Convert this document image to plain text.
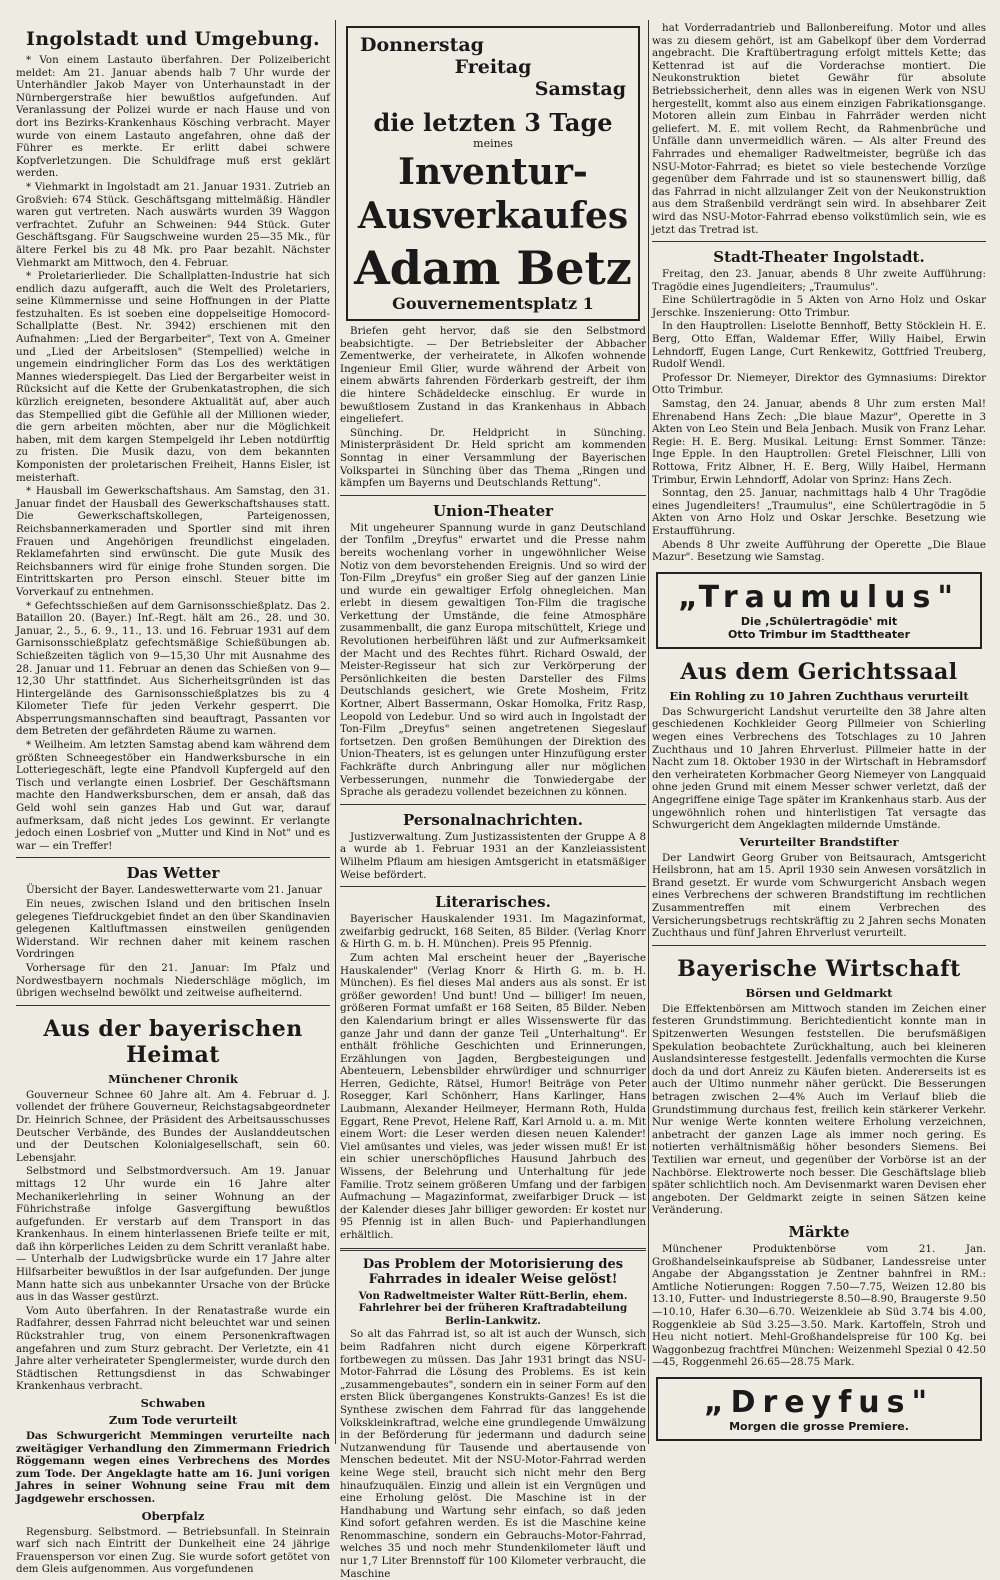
Ingolstadt und Umgebung.

* Von einem Lastauto überfahren. Der Polizeibericht meldet: Am 21. Januar abends halb 7 Uhr wurde der Unterhändler Jakob Mayer von Unterhaunstadt in der Nürnbergerstraße hier bewußtlos aufgefunden. Auf Veranlassung der Polizei wurde er nach Hause und von dort ins Bezirks-Krankenhaus Kösching verbracht. Mayer wurde von einem Lastauto angefahren, ohne daß der Führer es merkte. Er erlitt dabei schwere Kopfverletzungen. Die Schuldfrage muß erst geklärt werden.

* Viehmarkt in Ingolstadt am 21. Januar 1931. Zutrieb an Großvieh: 674 Stück. Geschäftsgang mittelmäßig. Händler waren gut vertreten. Nach auswärts wurden 39 Waggon verfrachtet. Zufuhr an Schweinen: 944 Stück. Guter Geschäftsgang. Für Saugschweine wurden 25—35 Mk., für ältere Ferkel bis zu 48 Mk. pro Paar bezahlt. Nächster Viehmarkt am Mittwoch, den 4. Februar.

* Proletarierlieder. Die Schallplatten-Industrie hat sich endlich dazu aufgerafft, auch die Welt des Proletariers, seine Kümmernisse und seine Hoffnungen in der Platte festzuhalten. Es ist soeben eine doppelseitige Homocord-Schallplatte (Best. Nr. 3942) erschienen mit den Aufnahmen: „Lied der Bergarbeiter", Text von A. Gmeiner und „Lied der Arbeitslosen" (Stempellied) welche in ungemein eindringlicher Form das Los des werktätigen Mannes wiederspiegelt. Das Lied der Bergarbeiter weist in Rücksicht auf die Kette der Grubenkatastrophen, die sich kürzlich ereigneten, besondere Aktualität auf, aber auch das Stempellied gibt die Gefühle all der Millionen wieder, die gern arbeiten möchten, aber nur die Möglichkeit haben, mit dem kargen Stempelgeld ihr Leben notdürftig zu fristen. Die Musik dazu, von dem bekannten Komponisten der proletarischen Freiheit, Hanns Eisler, ist meisterhaft.

* Hausball im Gewerkschaftshaus. Am Samstag, den 31. Januar findet der Hausball des Gewerkschaftshauses statt. Die Gewerkschaftskollegen, Parteigenossen, Reichsbannerkameraden und Sportler sind mit ihren Frauen und Angehörigen freundlichst eingeladen. Reklamefahrten sind erwünscht. Die gute Musik des Reichsbanners wird für einige frohe Stunden sorgen. Die Eintrittskarten pro Person einschl. Steuer bitte im Vorverkauf zu entnehmen.

* Gefechtsschießen auf dem Garnisonsschießplatz. Das 2. Bataillon 20. (Bayer.) Inf.-Regt. hält am 26., 28. und 30. Januar, 2., 5., 6. 9., 11., 13. und 16. Februar 1931 auf dem Garnisonsschießplatz gefechtsmäßige Schießübungen ab. Schießzeiten täglich von 9—15,30 Uhr mit Ausnahme des 28. Januar und 11. Februar an denen das Schießen von 9—12,30 Uhr stattfindet. Aus Sicherheitsgründen ist das Hintergelände des Garnisonsschießplatzes bis zu 4 Kilometer Tiefe für jeden Verkehr gesperrt. Die Absperrungsmannschaften sind beauftragt, Passanten vor dem Betreten der gefährdeten Räume zu warnen.

* Weilheim. Am letzten Samstag abend kam während dem größten Schneegestöber ein Handwerksbursche in ein Lotteriegeschäft, legte eine Pfandvoll Kupfergeld auf den Tisch und verlangte einen Losbrief. Der Geschäftsmann machte den Handwerksburschen, dem er ansah, daß das Geld wohl sein ganzes Hab und Gut war, darauf aufmerksam, daß nicht jedes Los gewinnt. Er verlangte jedoch einen Losbrief von „Mutter und Kind in Not" und es war — ein Treffer!

Das Wetter

Übersicht der Bayer. Landeswetterwarte vom 21. Januar

Ein neues, zwischen Island und den britischen Inseln gelegenes Tiefdruckgebiet findet an den über Skandinavien gelegenen Kaltluftmassen einstweilen genügenden Widerstand. Wir rechnen daher mit keinem raschen Vordringen

Vorhersage für den 21. Januar: Im Pfalz und Nordwestbayern nochmals Niederschläge möglich, im übrigen wechselnd bewölkt und zeitweise aufheiternd.

Aus der bayerischen Heimat
Münchener Chronik

Gouverneur Schnee 60 Jahre alt. Am 4. Februar d. J. vollendet der frühere Gouverneur, Reichstagsabgeordneter Dr. Heinrich Schnee, der Präsident des Arbeitsausschusses Deutscher Verbände, des Bundes der Auslanddeutschen und der Deutschen Kolonialgesellschaft, sein 60. Lebensjahr.

Selbstmord und Selbstmordversuch. Am 19. Januar mittags 12 Uhr wurde ein 16 Jahre alter Mechanikerlehrling in seiner Wohnung an der Führichstraße infolge Gasvergiftung bewußtlos aufgefunden. Er verstarb auf dem Transport in das Krankenhaus. In einem hinterlassenen Briefe teilte er mit, daß ihn körperliches Leiden zu dem Schritt veranlaßt habe. — Unterhalb der Ludwigsbrücke wurde ein 17 Jahre alter Hilfsarbeiter bewußtlos in der Isar aufgefunden. Der junge Mann hatte sich aus unbekannter Ursache von der Brücke aus in das Wasser gestürzt.

Vom Auto überfahren. In der Renatastraße wurde ein Radfahrer, dessen Fahrrad nicht beleuchtet war und seinen Rückstrahler trug, von einem Personenkraftwagen angefahren und zum Sturz gebracht. Der Verletzte, ein 41 Jahre alter verheirateter Spenglermeister, wurde durch den Städtischen Rettungsdienst in das Schwabinger Krankenhaus verbracht.

Schwaben
Zum Tode verurteilt

Das Schwurgericht Memmingen verurteilte nach zweitägiger Verhandlung den Zimmermann Friedrich Röggemann wegen eines Verbrechens des Mordes zum Tode. Der Angeklagte hatte am 16. Juni vorigen Jahres in seiner Wohnung seine Frau mit dem Jagdgewehr erschossen.

Oberpfalz

Regensburg. Selbstmord. — Betriebsunfall. In Steinrain warf sich nach Eintritt der Dunkelheit eine 24 jährige Frauensperson vor einen Zug. Sie wurde sofort getötet von dem Gleis aufgenommen. Aus vorgefundenen

Donnerstag
Freitag
Samstag
die letzten 3 Tage
meines
Inventur-
Ausverkaufes
Adam Betz
Gouvernementsplatz 1

Briefen geht hervor, daß sie den Selbstmord beabsichtigte. — Der Betriebsleiter der Abbacher Zementwerke, der verheiratete, in Alkofen wohnende Ingenieur Emil Glier, wurde während der Arbeit von einem abwärts fahrenden Förderkarb gestreift, der ihm die hintere Schädeldecke einschlug. Er wurde in bewußtlosem Zustand in das Krankenhaus in Abbach eingeliefert.

Sünching. Dr. Heldpricht in Sünching. Ministerpräsident Dr. Held spricht am kommenden Sonntag in einer Versammlung der Bayerischen Volkspartei in Sünching über das Thema „Ringen und kämpfen um Bayerns und Deutschlands Rettung".

Union-Theater

Mit ungeheurer Spannung wurde in ganz Deutschland der Tonfilm „Dreyfus" erwartet und die Presse nahm bereits wochenlang vorher in ungewöhnlicher Weise Notiz von dem bevorstehenden Ereignis. Und so wird der Ton-Film „Dreyfus" ein großer Sieg auf der ganzen Linie und wurde ein gewaltiger Erfolg ohnegleichen. Man erlebt in diesem gewaltigen Ton-Film die tragische Verkettung der Umstände, die feine Atmosphäre zusammenballt, die ganz Europa mitschüttelt, Kriege und Revolutionen herbeiführen läßt und zur Aufmerksamkeit der Macht und des Rechtes führt. Richard Oswald, der Meister-Regisseur hat sich zur Verkörperung der Persönlichkeiten die besten Darsteller des Films Deutschlands gesichert, wie Grete Mosheim, Fritz Kortner, Albert Bassermann, Oskar Homolka, Fritz Rasp, Leopold von Ledebur. Und so wird auch in Ingolstadt der Ton-Film „Dreyfus" seinen angetretenen Siegeslauf fortsetzen. Den großen Bemühungen der Direktion des Union-Theaters, ist es gelungen unter Hinzufügung erster Fachkräfte durch Anbringung aller nur möglichen Verbesserungen, nunmehr die Tonwiedergabe der Sprache als geradezu vollendet bezeichnen zu können.

Personalnachrichten.

Justizverwaltung. Zum Justizassistenten der Gruppe A 8 a wurde ab 1. Februar 1931 an der Kanzleiassistent Wilhelm Pflaum am hiesigen Amtsgericht in etatsmäßiger Weise befördert.

Literarisches.

Bayerischer Hauskalender 1931. Im Magazinformat, zweifarbig gedruckt, 168 Seiten, 85 Bilder. (Verlag Knorr & Hirth G. m. b. H. München). Preis 95 Pfennig.

Zum achten Mal erscheint heuer der „Bayerische Hauskalender" (Verlag Knorr & Hirth G. m. b. H. München). Es fiel dieses Mal anders aus als sonst. Er ist größer geworden! Und bunt! Und — billiger! Im neuen, größeren Format umfaßt er 168 Seiten, 85 Bilder. Neben den Kalendarium bringt er alles Wissenswerte für das ganze Jahr und dann der ganze Teil „Unterhaltung". Er enthält fröhliche Geschichten und Erinnerungen, Erzählungen von Jagden, Bergbesteigungen und Abenteuern, Lebensbilder ehrwürdiger und schnurriger Herren, Gedichte, Rätsel, Humor! Beiträge von Peter Rosegger, Karl Schönherr, Hans Karlinger, Hans Laubmann, Alexander Heilmeyer, Hermann Roth, Hulda Eggart, Rene Prevot, Helene Raff, Karl Arnold u. a. m. Mit einem Wort: die Leser werden diesen neuen Kalender! Viel amüsantes und vieles, was jeder wissen muß! Er ist ein schier unerschöpfliches Hausund Jahrbuch des Wissens, der Belehrung und Unterhaltung für jede Familie. Trotz seinem größeren Umfang und der farbigen Aufmachung — Magazinformat, zweifarbiger Druck — ist der Kalender dieses Jahr billiger geworden: Er kostet nur 95 Pfennig ist in allen Buch- und Papierhandlungen erhältlich.

Das Problem der Motorisierung des Fahrrades in idealer Weise gelöst!

Von Radweltmeister Walter Rütt-Berlin, ehem. Fahrlehrer bei der früheren Kraftradabteilung Berlin-Lankwitz.

So alt das Fahrrad ist, so alt ist auch der Wunsch, sich beim Radfahren nicht durch eigene Körperkraft fortbewegen zu müssen. Das Jahr 1931 bringt das NSU-Motor-Fahrrad die Lösung des Problems. Es ist kein „zusammengebautes", sondern ein in seiner Form auf den ersten Blick übergangenes Konstrukts-Ganzes! Es ist die Synthese zwischen dem Fahrrad für das langgehende Volkskleinkraftrad, welche eine grundlegende Umwälzung in der Beförderung für jedermann und dadurch seine Nutzanwendung für Tausende und abertausende von Menschen bedeutet. Mit der NSU-Motor-Fahrrad werden keine Wege steil, braucht sich nicht mehr den Berg hinaufzuquälen. Einzig und allein ist ein Vergnügen und eine Erholung gelöst. Die Maschine ist in der Handhabung und Wartung sehr einfach, so daß jeden Kind sofort gefahren werden. Es ist die Maschine keine Renommaschine, sondern ein Gebrauchs-Motor-Fahrrad, welches 35 und noch mehr Stundenkilometer läuft und nur 1,7 Liter Brennstoff für 100 Kilometer verbraucht, die Maschine

hat Vorderradantrieb und Ballonbereifung. Motor und alles was zu diesem gehört, ist am Gabelkopf über dem Vorderrad angebracht. Die Kraftübertragung erfolgt mittels Kette; das Kettenrad ist auf die Vorderachse montiert. Die Neukonstruktion bietet Gewähr für absolute Betriebssicherheit, denn alles was in eigenen Werk von NSU hergestellt, kommt also aus einem einzigen Fabrikationsgange. Motoren allein zum Einbau in Fahrräder werden nicht geliefert. M. E. mit vollem Recht, da Rahmenbrüche und Unfälle dann unvermeidlich wären. — Als alter Freund des Fahrrades und ehemaliger Radweltmeister, begrüße ich das NSU-Motor-Fahrrad; es bietet so viele bestechende Vorzüge gegenüber dem Fahrrade und ist so staunenswert billig, daß das Fahrrad in nicht allzulanger Zeit von der Neukonstruktion aus dem Straßenbild verdrängt sein wird. In absehbarer Zeit wird das NSU-Motor-Fahrrad ebenso volkstümlich sein, wie es jetzt das Tretrad ist.

Stadt-Theater Ingolstadt.

Freitag, den 23. Januar, abends 8 Uhr zweite Aufführung: Tragödie eines Jugendleiters; „Traumulus".

Eine Schülertragödie in 5 Akten von Arno Holz und Oskar Jerschke. Inszenierung: Otto Trimbur.

In den Hauptrollen: Liselotte Bennhoff, Betty Stöcklein H. E. Berg, Otto Effan, Waldemar Effer, Willy Haibel, Erwin Lehndorff, Eugen Lange, Curt Renkewitz, Gottfried Treuberg, Rudolf Wendl.

Professor Dr. Niemeyer, Direktor des Gymnasiums: Direktor Otto Trimbur.

Samstag, den 24. Januar, abends 8 Uhr zum ersten Mal! Ehrenabend Hans Zech: „Die blaue Mazur", Operette in 3 Akten von Leo Stein und Bela Jenbach. Musik von Franz Lehar. Regie: H. E. Berg. Musikal. Leitung: Ernst Sommer. Tänze: Inge Epple. In den Hauptrollen: Gretel Fleischner, Lilli von Rottowa, Fritz Albner, H. E. Berg, Willy Haibel, Hermann Trimbur, Erwin Lehndorff, Adolar von Sprinz: Hans Zech.

Sonntag, den 25. Januar, nachmittags halb 4 Uhr Tragödie eines Jugendleiters! „Traumulus", eine Schülertragödie in 5 Akten von Arno Holz und Oskar Jerschke. Besetzung wie Erstaufführung.

Abends 8 Uhr zweite Aufführung der Operette „Die Blaue Mazur". Besetzung wie Samstag.

„Traumulus"
Die ‚Schülertragödie‛ mit
Otto Trimbur im Stadttheater
Aus dem Gerichtssaal
Ein Rohling zu 10 Jahren Zuchthaus verurteilt

Das Schwurgericht Landshut verurteilte den 38 Jahre alten geschiedenen Kochkleider Georg Pillmeier von Schierling wegen eines Verbrechens des Totschlages zu 10 Jahren Zuchthaus und 10 Jahren Ehrverlust. Pillmeier hatte in der Nacht zum 18. Oktober 1930 in der Wirtschaft in Hebramsdorf den verheirateten Korbmacher Georg Niemeyer von Langquaid ohne jeden Grund mit einem Messer schwer verletzt, daß der Angegriffene einige Tage später im Krankenhaus starb. Aus der ungewöhnlich rohen und hinterlistigen Tat versagte das Schwurgericht dem Angeklagten mildernde Umstände.

Verurteilter Brandstifter

Der Landwirt Georg Gruber von Beitsaurach, Amtsgericht Heilsbronn, hat am 15. April 1930 sein Anwesen vorsätzlich in Brand gesetzt. Er wurde vom Schwurgericht Ansbach wegen eines Verbrechens der schweren Brandstiftung im rechtlichen Zusammentreffen mit einem Verbrechen des Versicherungsbetrugs rechtskräftig zu 2 Jahren sechs Monaten Zuchthaus und fünf Jahren Ehrverlust verurteilt.

Bayerische Wirtschaft
Börsen und Geldmarkt

Die Effektenbörsen am Mittwoch standen im Zeichen einer festeren Grundstimmung. Berichtedienticht konnte man in Spitzenwerten Wesungen feststellen. Die berufsmäßigen Spekulation beobachtete Zurückhaltung, auch bei kleineren Auslandsinteresse festgestellt. Jedenfalls vermochten die Kurse doch da und dort Anreiz zu Käufen bieten. Andererseits ist es auch der Ultimo nunmehr näher gerückt. Die Besserungen betragen zwischen 2—4% Auch im Verlauf blieb die Grundstimmung durchaus fest, freilich kein stärkerer Verkehr. Nur wenige Werte konnten weitere Erholung verzeichnen, anbetracht der ganzen Lage als immer noch gering. Es notierten verhältnismäßig höher besonders Siemens. Bei Textilien war erneut, und gegenüber der Vorbörse ist an der Nachbörse. Elektrowerte noch besser. Die Geschäftslage blieb später schlichtlich noch. Am Devisenmarkt waren Devisen eher angeboten. Der Geldmarkt zeigte in seinen Sätzen keine Veränderung.

Märkte

Münchener Produktenbörse vom 21. Jan. Großhandelseinkaufspreise ab Südbaner, Landessreise unter Angabe der Abgangsstation je Zentner bahnfrei in RM.: Amtliche Notierungen: Roggen 7.50—7.75, Weizen 12.80 bis 13.10, Futter- und Industriegerste 8.50—8.90, Braugerste 9.50—10.10, Hafer 6.30—6.70. Weizenkleie ab Süd 3.74 bis 4.00, Roggenkleie ab Süd 3.25—3.50. Mark. Kartoffeln, Stroh und Heu nicht notiert. Mehl-Großhandelspreise für 100 Kg. bei Waggonbezug frachtfrei München: Weizenmehl Spezial 0 42.50—45, Roggenmehl 26.65—28.75 Mark.

„Dreyfus"
Morgen die grosse Premiere.
